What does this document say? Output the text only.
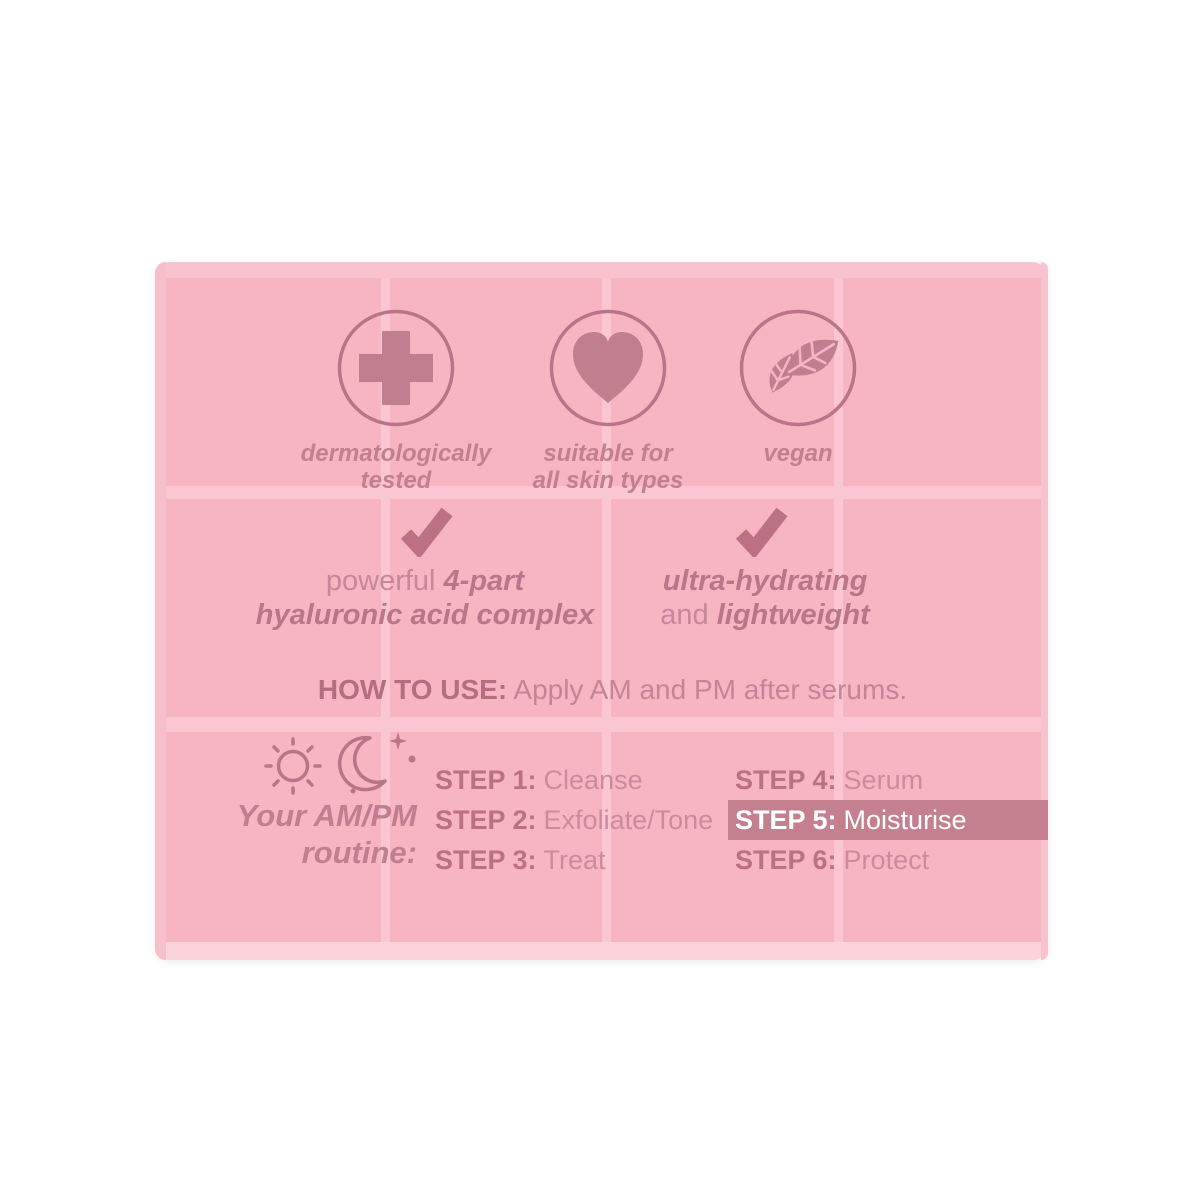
dermatologically
tested
suitable for
all skin types
vegan
powerful 4-part
hyaluronic acid complex
ultra-hydrating
and lightweight
HOW TO USE: Apply AM and PM after serums.
Your AM/PM
routine:
STEP 1: Cleanse
STEP 2: Exfoliate/Tone
STEP 3: Treat
STEP 4: Serum
STEP 5: Moisturise
STEP 6: Protect
